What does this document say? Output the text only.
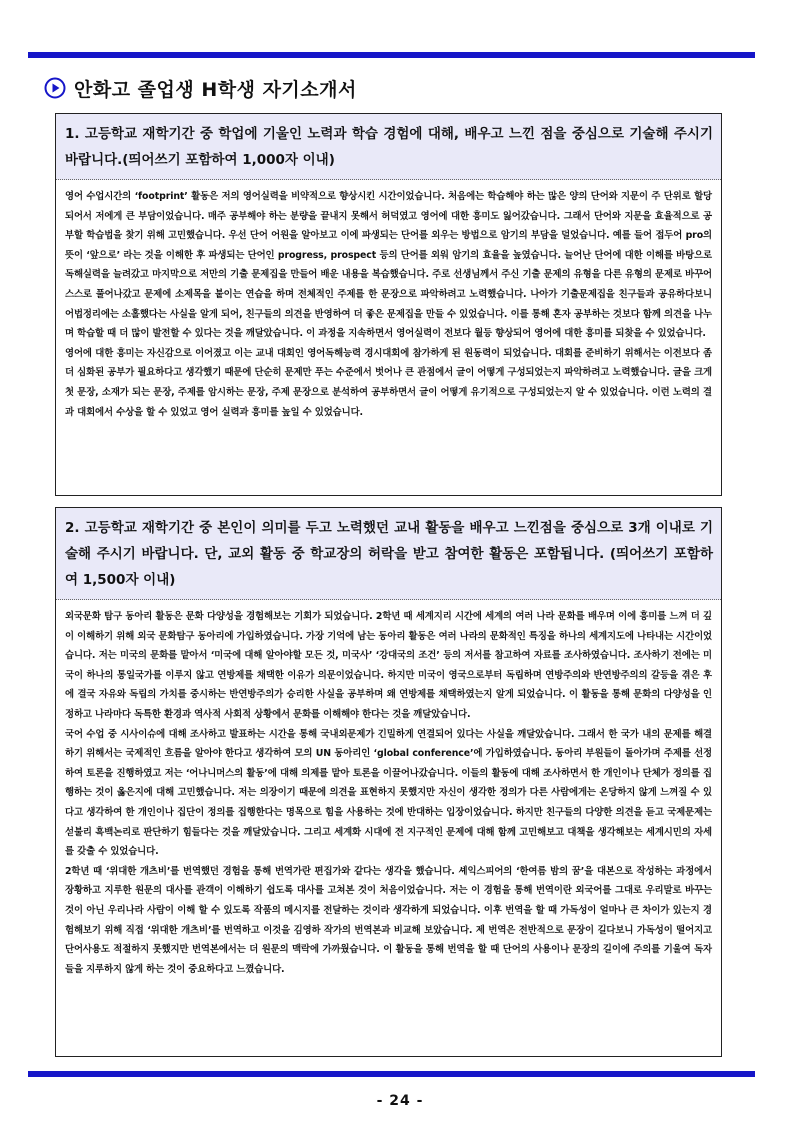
안화고 졸업생 H학생 자기소개서
1. 고등학교 재학기간 중 학업에 기울인 노력과 학습 경험에 대해, 배우고 느낀 점을 중심으로 기술해 주시기 바랍니다.(띄어쓰기 포함하여 1,000자 이내)

영어 수업시간의 ‘footprint’ 활동은 저의 영어실력을 비약적으로 향상시킨 시간이었습니다. 처음에는 학습해야 하는 많은 양의 단어와 지문이 주 단위로 할당되어서 저에게 큰 부담이었습니다. 매주 공부해야 하는 분량을 끝내지 못해서 허덕였고 영어에 대한 흥미도 잃어갔습니다. 그래서 단어와 지문을 효율적으로 공부할 학습법을 찾기 위해 고민했습니다. 우선 단어 어원을 알아보고 이에 파생되는 단어를 외우는 방법으로 암기의 부담을 덜었습니다. 예를 들어 접두어 pro의 뜻이 ‘앞으로’ 라는 것을 이해한 후 파생되는 단어인 progress, prospect 등의 단어를 외워 암기의 효율을 높였습니다. 늘어난 단어에 대한 이해를 바탕으로 독해실력을 늘려갔고 마지막으로 저만의 기출 문제집을 만들어 배운 내용을 복습했습니다. 주로 선생님께서 주신 기출 문제의 유형을 다른 유형의 문제로 바꾸어 스스로 풀어나갔고 문제에 소제목을 붙이는 연습을 하며 전체적인 주제를 한 문장으로 파악하려고 노력했습니다. 나아가 기출문제집을 친구들과 공유하다보니 어법정리에는 소홀했다는 사실을 알게 되어, 친구들의 의견을 반영하여 더 좋은 문제집을 만들 수 있었습니다. 이를 통해 혼자 공부하는 것보다 함께 의견을 나누며 학습할 때 더 많이 발전할 수 있다는 것을 깨달았습니다. 이 과정을 지속하면서 영어실력이 전보다 월등 향상되어 영어에 대한 흥미를 되찾을 수 있었습니다.

영어에 대한 흥미는 자신감으로 이어졌고 이는 교내 대회인 영어독해능력 경시대회에 참가하게 된 원동력이 되었습니다. 대회를 준비하기 위해서는 이전보다 좀 더 심화된 공부가 필요하다고 생각했기 때문에 단순히 문제만 푸는 수준에서 벗어나 큰 관점에서 글이 어떻게 구성되었는지 파악하려고 노력했습니다. 글을 크게 첫 문장, 소재가 되는 문장, 주제를 암시하는 문장, 주제 문장으로 분석하여 공부하면서 글이 어떻게 유기적으로 구성되었는지 알 수 있었습니다. 이런 노력의 결과 대회에서 수상을 할 수 있었고 영어 실력과 흥미를 높일 수 있었습니다.

2. 고등학교 재학기간 중 본인이 의미를 두고 노력했던 교내 활동을 배우고 느낀점을 중심으로 3개 이내로 기술해 주시기 바랍니다. 단, 교외 활동 중 학교장의 허락을 받고 참여한 활동은 포함됩니다. (띄어쓰기 포함하여 1,500자 이내)

외국문화 탐구 동아리 활동은 문화 다양성을 경험해보는 기회가 되었습니다. 2학년 때 세계지리 시간에 세계의 여러 나라 문화를 배우며 이에 흥미를 느껴 더 깊이 이해하기 위해 외국 문화탐구 동아리에 가입하였습니다. 가장 기억에 남는 동아리 활동은 여러 나라의 문화적인 특징을 하나의 세계지도에 나타내는 시간이었습니다. 저는 미국의 문화를 맡아서 ‘미국에 대해 알아야할 모든 것, 미국사’ ‘강대국의 조건’ 등의 저서를 참고하여 자료를 조사하였습니다. 조사하기 전에는 미국이 하나의 통일국가를 이루지 않고 연방제를 채택한 이유가 의문이었습니다. 하지만 미국이 영국으로부터 독립하며 연방주의와 반연방주의의 갈등을 겪은 후에 결국 자유와 독립의 가치를 중시하는 반연방주의가 승리한 사실을 공부하며 왜 연방제를 채택하였는지 알게 되었습니다. 이 활동을 통해 문화의 다양성을 인정하고 나라마다 독특한 환경과 역사적 사회적 상황에서 문화를 이해해야 한다는 것을 깨달았습니다.

국어 수업 중 시사이슈에 대해 조사하고 발표하는 시간을 통해 국내외문제가 긴밀하게 연결되어 있다는 사실을 깨달았습니다. 그래서 한 국가 내의 문제를 해결하기 위해서는 국제적인 흐름을 알아야 한다고 생각하여 모의 UN 동아리인 ‘global conference’에 가입하였습니다. 동아리 부원들이 돌아가며 주제를 선정하여 토론을 진행하였고 저는 ‘어나니머스의 활동’에 대해 의제를 맡아 토론을 이끌어나갔습니다. 이들의 활동에 대해 조사하면서 한 개인이나 단체가 정의를 집행하는 것이 옳은지에 대해 고민했습니다. 저는 의장이기 때문에 의견을 표현하지 못했지만 자신이 생각한 정의가 다른 사람에게는 온당하지 않게 느껴질 수 있다고 생각하여 한 개인이나 집단이 정의를 집행한다는 명목으로 힘을 사용하는 것에 반대하는 입장이었습니다. 하지만 친구들의 다양한 의견을 듣고 국제문제는 섣불리 흑백논리로 판단하기 힘들다는 것을 깨달았습니다. 그리고 세계화 시대에 전 지구적인 문제에 대해 함께 고민해보고 대책을 생각해보는 세계시민의 자세를 갖출 수 있었습니다.

2학년 때 ‘위대한 개츠비’를 번역했던 경험을 통해 번역가란 편집가와 같다는 생각을 했습니다. 셰익스피어의 ‘한여름 밤의 꿈’을 대본으로 작성하는 과정에서 장황하고 지루한 원문의 대사를 관객이 이해하기 쉽도록 대사를 고쳐본 것이 처음이었습니다. 저는 이 경험을 통해 번역이란 외국어를 그대로 우리말로 바꾸는 것이 아닌 우리나라 사람이 이해 할 수 있도록 작품의 메시지를 전달하는 것이라 생각하게 되었습니다. 이후 번역을 할 때 가독성이 얼마나 큰 차이가 있는지 경험해보기 위해 직접 ‘위대한 개츠비’를 번역하고 이것을 김영하 작가의 번역본과 비교해 보았습니다. 제 번역은 전반적으로 문장이 길다보니 가독성이 떨어지고 단어사용도 적절하지 못했지만 번역본에서는 더 원문의 맥락에 가까웠습니다. 이 활동을 통해 번역을 할 때 단어의 사용이나 문장의 길이에 주의를 기울여 독자들을 지루하지 않게 하는 것이 중요하다고 느꼈습니다.

- 24 -
